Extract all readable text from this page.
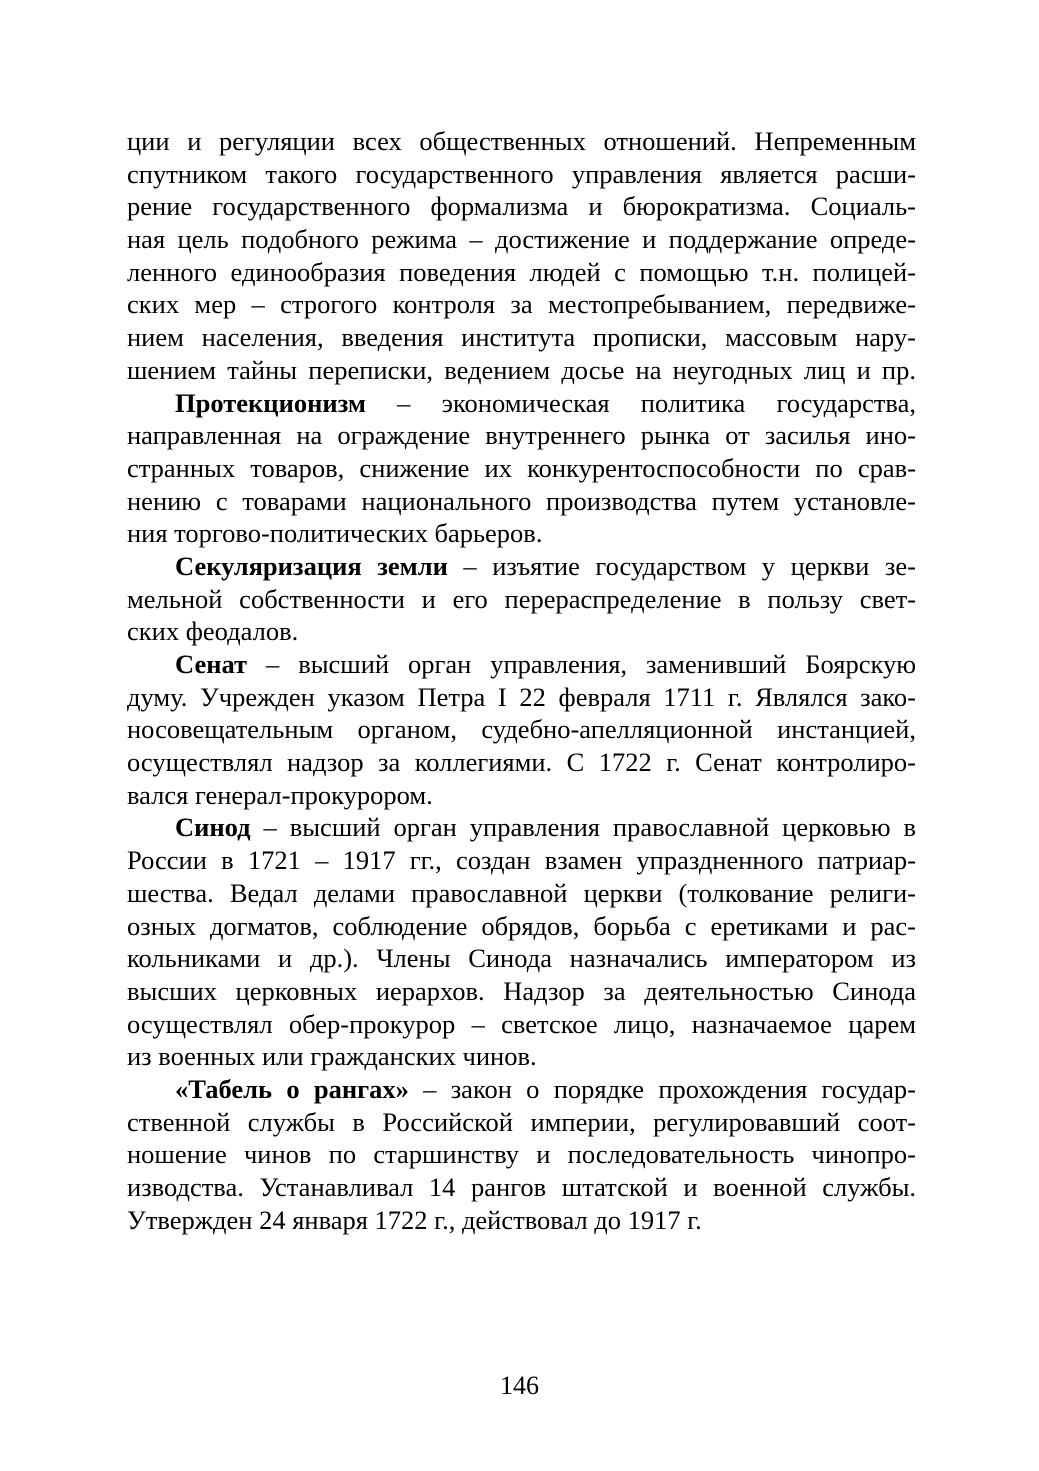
ции и регуляции всех общественных отношений. Непременным
спутником такого государственного управления является расши-
рение государственного формализма и бюрократизма. Социаль-
ная цель подобного режима – достижение и поддержание опреде-
ленного единообразия поведения людей с помощью т.н. полицей-
ских мер – строгого контроля за местопребыванием, передвиже-
нием населения, введения института прописки, массовым нару-
шением тайны переписки, ведением досье на неугодных лиц и пр.
Протекционизм – экономическая политика государства,
направленная на ограждение внутреннего рынка от засилья ино-
странных товаров, снижение их конкурентоспособности по срав-
нению с товарами национального производства путем установле-
ния торгово-политических барьеров.
Секуляризация земли – изъятие государством у церкви зе-
мельной собственности и его перераспределение в пользу свет-
ских феодалов.
Сенат – высший орган управления, заменивший Боярскую
думу. Учрежден указом Петра I 22 февраля 1711 г. Являлся зако-
носовещательным органом, судебно-апелляционной инстанцией,
осуществлял надзор за коллегиями. С 1722 г. Сенат контролиро-
вался генерал-прокурором.
Синод – высший орган управления православной церковью в
России в 1721 – 1917 гг., создан взамен упраздненного патриар-
шества. Ведал делами православной церкви (толкование религи-
озных догматов, соблюдение обрядов, борьба с еретиками и рас-
кольниками и др.). Члены Синода назначались императором из
высших церковных иерархов. Надзор за деятельностью Синода
осуществлял обер-прокурор – светское лицо, назначаемое царем
из военных или гражданских чинов.
«Табель о рангах» – закон о порядке прохождения государ-
ственной службы в Российской империи, регулировавший соот-
ношение чинов по старшинству и последовательность чинопро-
изводства. Устанавливал 14 рангов штатской и военной службы.
Утвержден 24 января 1722 г., действовал до 1917 г.
146
